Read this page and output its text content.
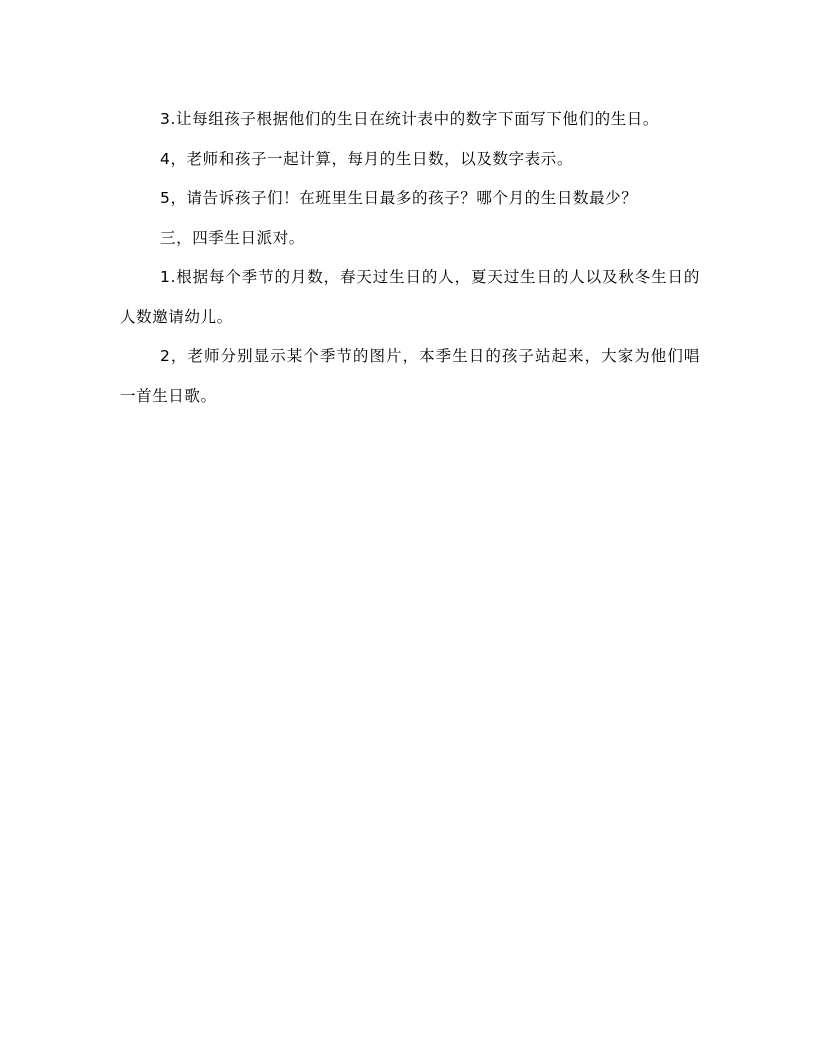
3.让每组孩子根据他们的生日在统计表中的数字下面写下他们的生日。

4，老师和孩子一起计算，每月的生日数，以及数字表示。

5，请告诉孩子们！在班里生日最多的孩子？哪个月的生日数最少？

三，四季生日派对。

1.根据每个季节的月数，春天过生日的人，夏天过生日的人以及秋冬生日的人数邀请幼儿。

2，老师分别显示某个季节的图片，本季生日的孩子站起来，大家为他们唱一首生日歌。
